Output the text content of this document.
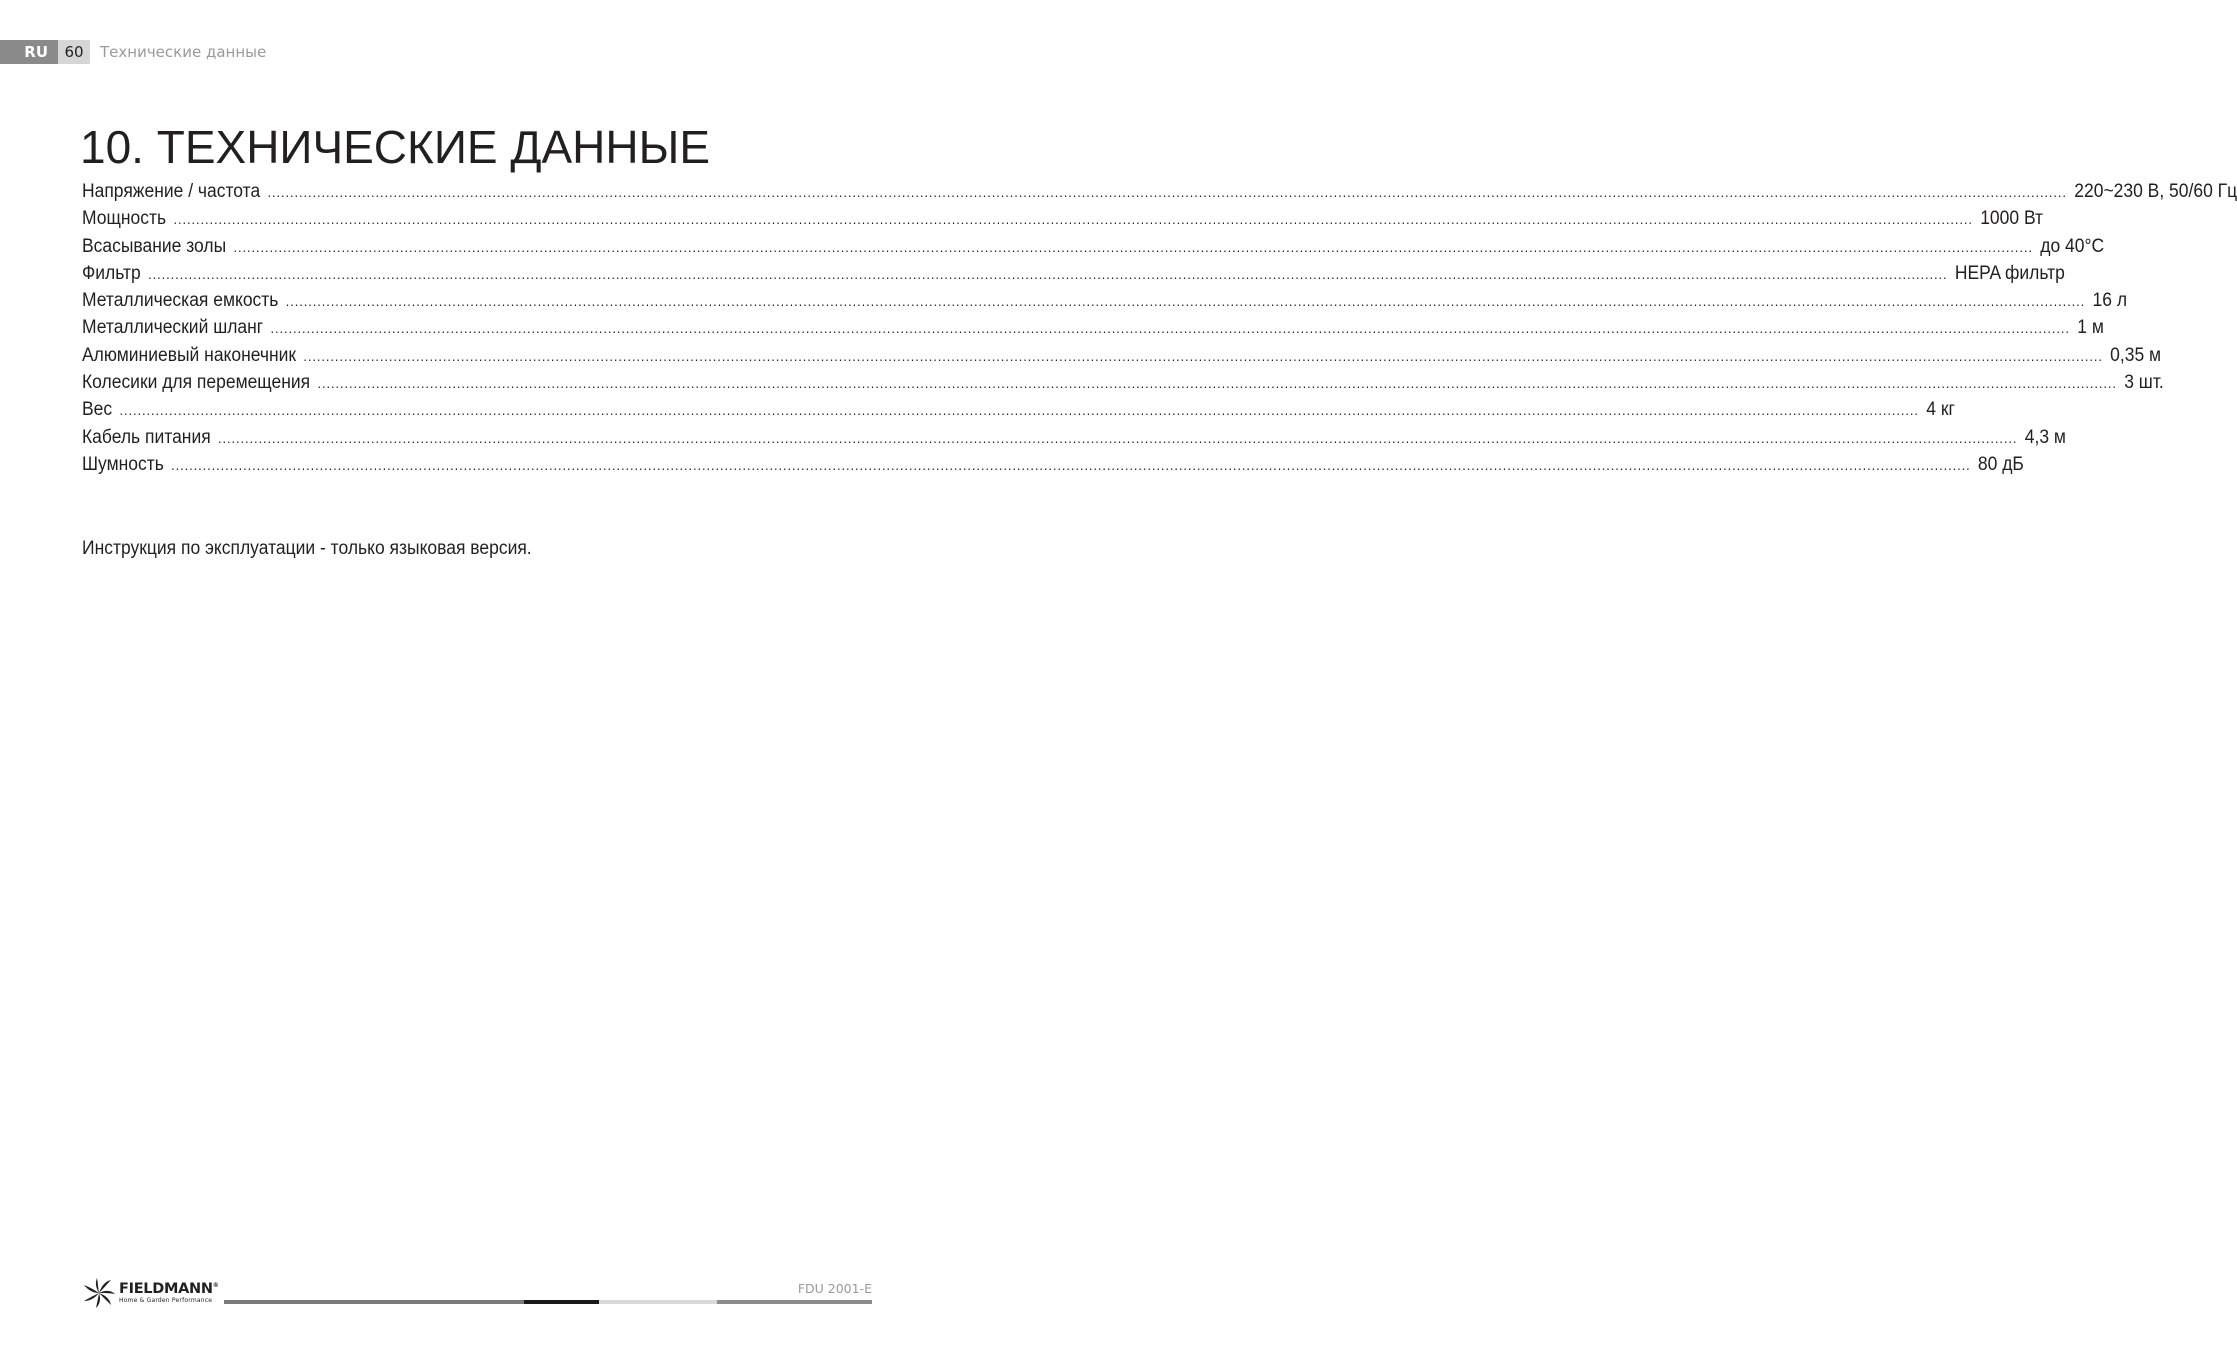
RU	60	Технические данные
10. ТЕХНИЧЕСКИЕ ДАННЫЕ
Напряжение / частота ................................................................................................................................................................................................................................................................................................................................................................................................................ 220~230 В, 50/60 Гц
Мощность ................................................................................................................................................................................................................................................................................................................................................................................................................ 1000 Вт
Всасывание золы ................................................................................................................................................................................................................................................................................................................................................................................................................ до 40°C
Фильтр ................................................................................................................................................................................................................................................................................................................................................................................................................ HEPA фильтр
Металлическая емкость ................................................................................................................................................................................................................................................................................................................................................................................................................ 16 л
Металлический шланг ................................................................................................................................................................................................................................................................................................................................................................................................................ 1 м
Алюминиевый наконечник ................................................................................................................................................................................................................................................................................................................................................................................................................ 0,35 м
Колесики для перемещения ................................................................................................................................................................................................................................................................................................................................................................................................................ 3 шт.
Вес ................................................................................................................................................................................................................................................................................................................................................................................................................ 4 кг
Кабель питания ................................................................................................................................................................................................................................................................................................................................................................................................................ 4,3 м
Шумность ................................................................................................................................................................................................................................................................................................................................................................................................................ 80 дБ
Инструкция по эксплуатации - только языковая версия.
FIELDMANN®
Home & Garden Performance
FDU 2001-E
